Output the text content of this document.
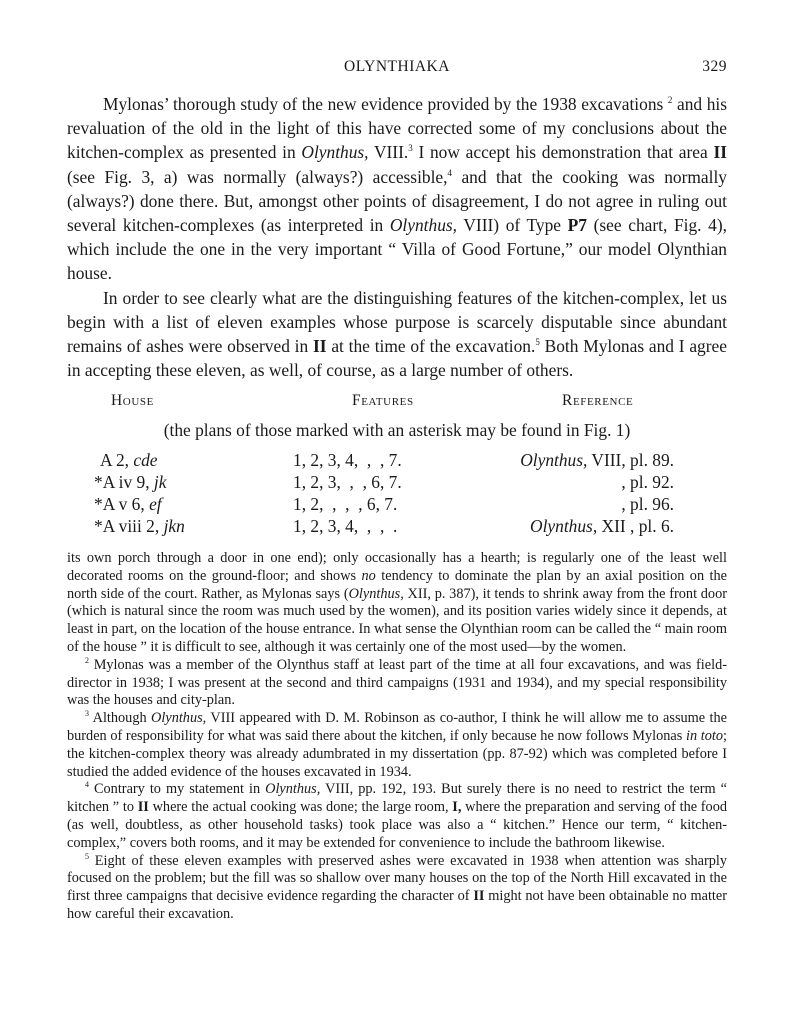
OLYNTHIAKA	329

Mylonas’ thorough study of the new evidence provided by the 1938 excavations $^2$ and his revaluation of the old in the light of this have corrected some of my conclusions about the kitchen-complex as presented in Olynthus, VIII.$^3$ I now accept his demonstration that area II (see Fig. 3, a) was normally (always?) accessible,$^4$ and that the cooking was normally (always?) done there. But, amongst other points of disagreement, I do not agree in ruling out several kitchen-complexes (as interpreted in Olynthus, VIII) of Type P7 (see chart, Fig. 4), which include the one in the very important “ Villa of Good Fortune,” our model Olynthian house.

In order to see clearly what are the distinguishing features of the kitchen-complex, let us begin with a list of eleven examples whose purpose is scarcely disputable since abundant remains of ashes were observed in II at the time of the excavation.$^5$ Both Mylonas and I agree in accepting these eleven, as well, of course, as a large number of others.

House	Features	Reference
(the plans of those marked with an asterisk may be found in Fig. 1)
A 2, cde	1, 2, 3, 4,  ,  , 7.	Olynthus, VIII, pl. 89.
*A iv 9, jk	1, 2, 3,  ,  , 6, 7.	, pl. 92.
*A v 6, ef	1, 2,  ,  ,  , 6, 7.	, pl. 96.
*A viii 2, jkn	1, 2, 3, 4,  ,  ,  .	Olynthus, XII , pl. 6.

its own porch through a door in one end); only occasionally has a hearth; is regularly one of the least well decorated rooms on the ground-floor; and shows no tendency to dominate the plan by an axial position on the north side of the court. Rather, as Mylonas says (Olynthus, XII, p. 387), it tends to shrink away from the front door (which is natural since the room was much used by the women), and its position varies widely since it depends, at least in part, on the location of the house entrance. In what sense the Olynthian room can be called the “ main room of the house ” it is difficult to see, although it was certainly one of the most used—by the women.

$^2$ Mylonas was a member of the Olynthus staff at least part of the time at all four excavations, and was field-director in 1938; I was present at the second and third campaigns (1931 and 1934), and my special responsibility was the houses and city-plan.

$^3$ Although Olynthus, VIII appeared with D. M. Robinson as co-author, I think he will allow me to assume the burden of responsibility for what was said there about the kitchen, if only because he now follows Mylonas in toto; the kitchen-complex theory was already adumbrated in my dissertation (pp. 87-92) which was completed before I studied the added evidence of the houses excavated in 1934.

$^4$ Contrary to my statement in Olynthus, VIII, pp. 192, 193. But surely there is no need to restrict the term “ kitchen ” to II where the actual cooking was done; the large room, I, where the preparation and serving of the food (as well, doubtless, as other household tasks) took place was also a “ kitchen.” Hence our term, “ kitchen-complex,” covers both rooms, and it may be extended for convenience to include the bathroom likewise.

$^5$ Eight of these eleven examples with preserved ashes were excavated in 1938 when attention was sharply focused on the problem; but the fill was so shallow over many houses on the top of the North Hill excavated in the first three campaigns that decisive evidence regarding the character of II might not have been obtainable no matter how careful their excavation.
